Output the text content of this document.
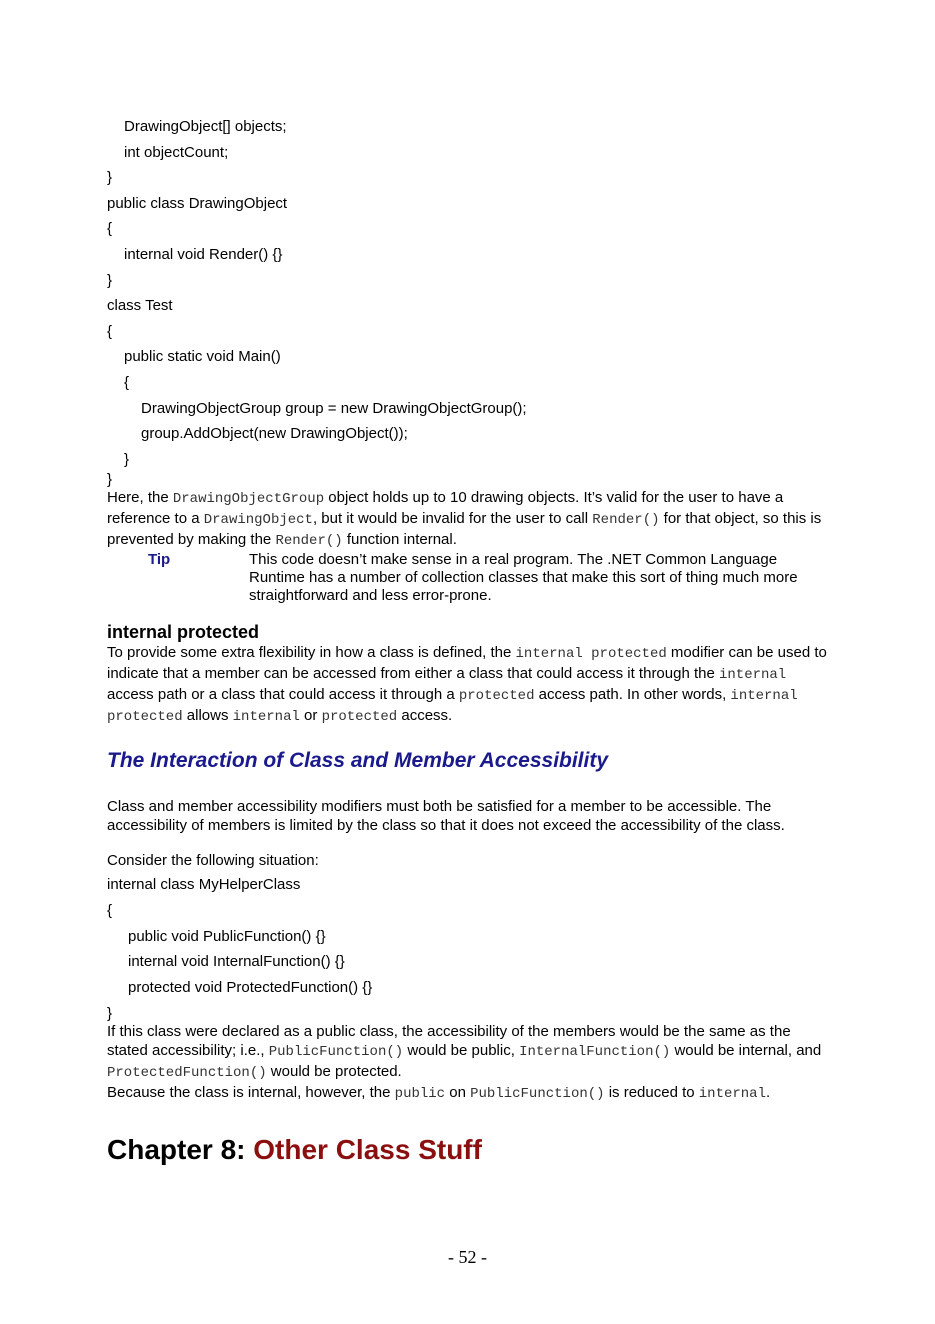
DrawingObject[] objects;
int objectCount;
}
public class DrawingObject
{
internal void Render() {}
}
class Test
{
public static void Main()
{
DrawingObjectGroup group = new DrawingObjectGroup();
group.AddObject(new DrawingObject());
}
}

Here, the DrawingObjectGroup object holds up to 10 drawing objects. It’s valid for the user to have a reference to a DrawingObject, but it would be invalid for the user to call Render() for that object, so this is prevented by making the Render() function internal.

Tip	This code doesn’t make sense in a real program. The .NET Common Language Runtime has a number of collection classes that make this sort of thing much more straightforward and less error-prone.
internal protected

To provide some extra flexibility in how a class is defined, the internal protected modifier can be used to indicate that a member can be accessed from either a class that could access it through the internal access path or a class that could access it through a protected access path. In other words, internal protected allows internal or protected access.

The Interaction of Class and Member Accessibility

Class and member accessibility modifiers must both be satisfied for a member to be accessible. The accessibility of members is limited by the class so that it does not exceed the accessibility of the class.

Consider the following situation:

internal class MyHelperClass
{
public void PublicFunction() {}
internal void InternalFunction() {}
protected void ProtectedFunction() {}
}

If this class were declared as a public class, the accessibility of the members would be the same as the stated accessibility; i.e., PublicFunction() would be public, InternalFunction() would be internal, and ProtectedFunction() would be protected.

Because the class is internal, however, the public on PublicFunction() is reduced to internal.

Chapter 8: Other Class Stuff
- 52 -
